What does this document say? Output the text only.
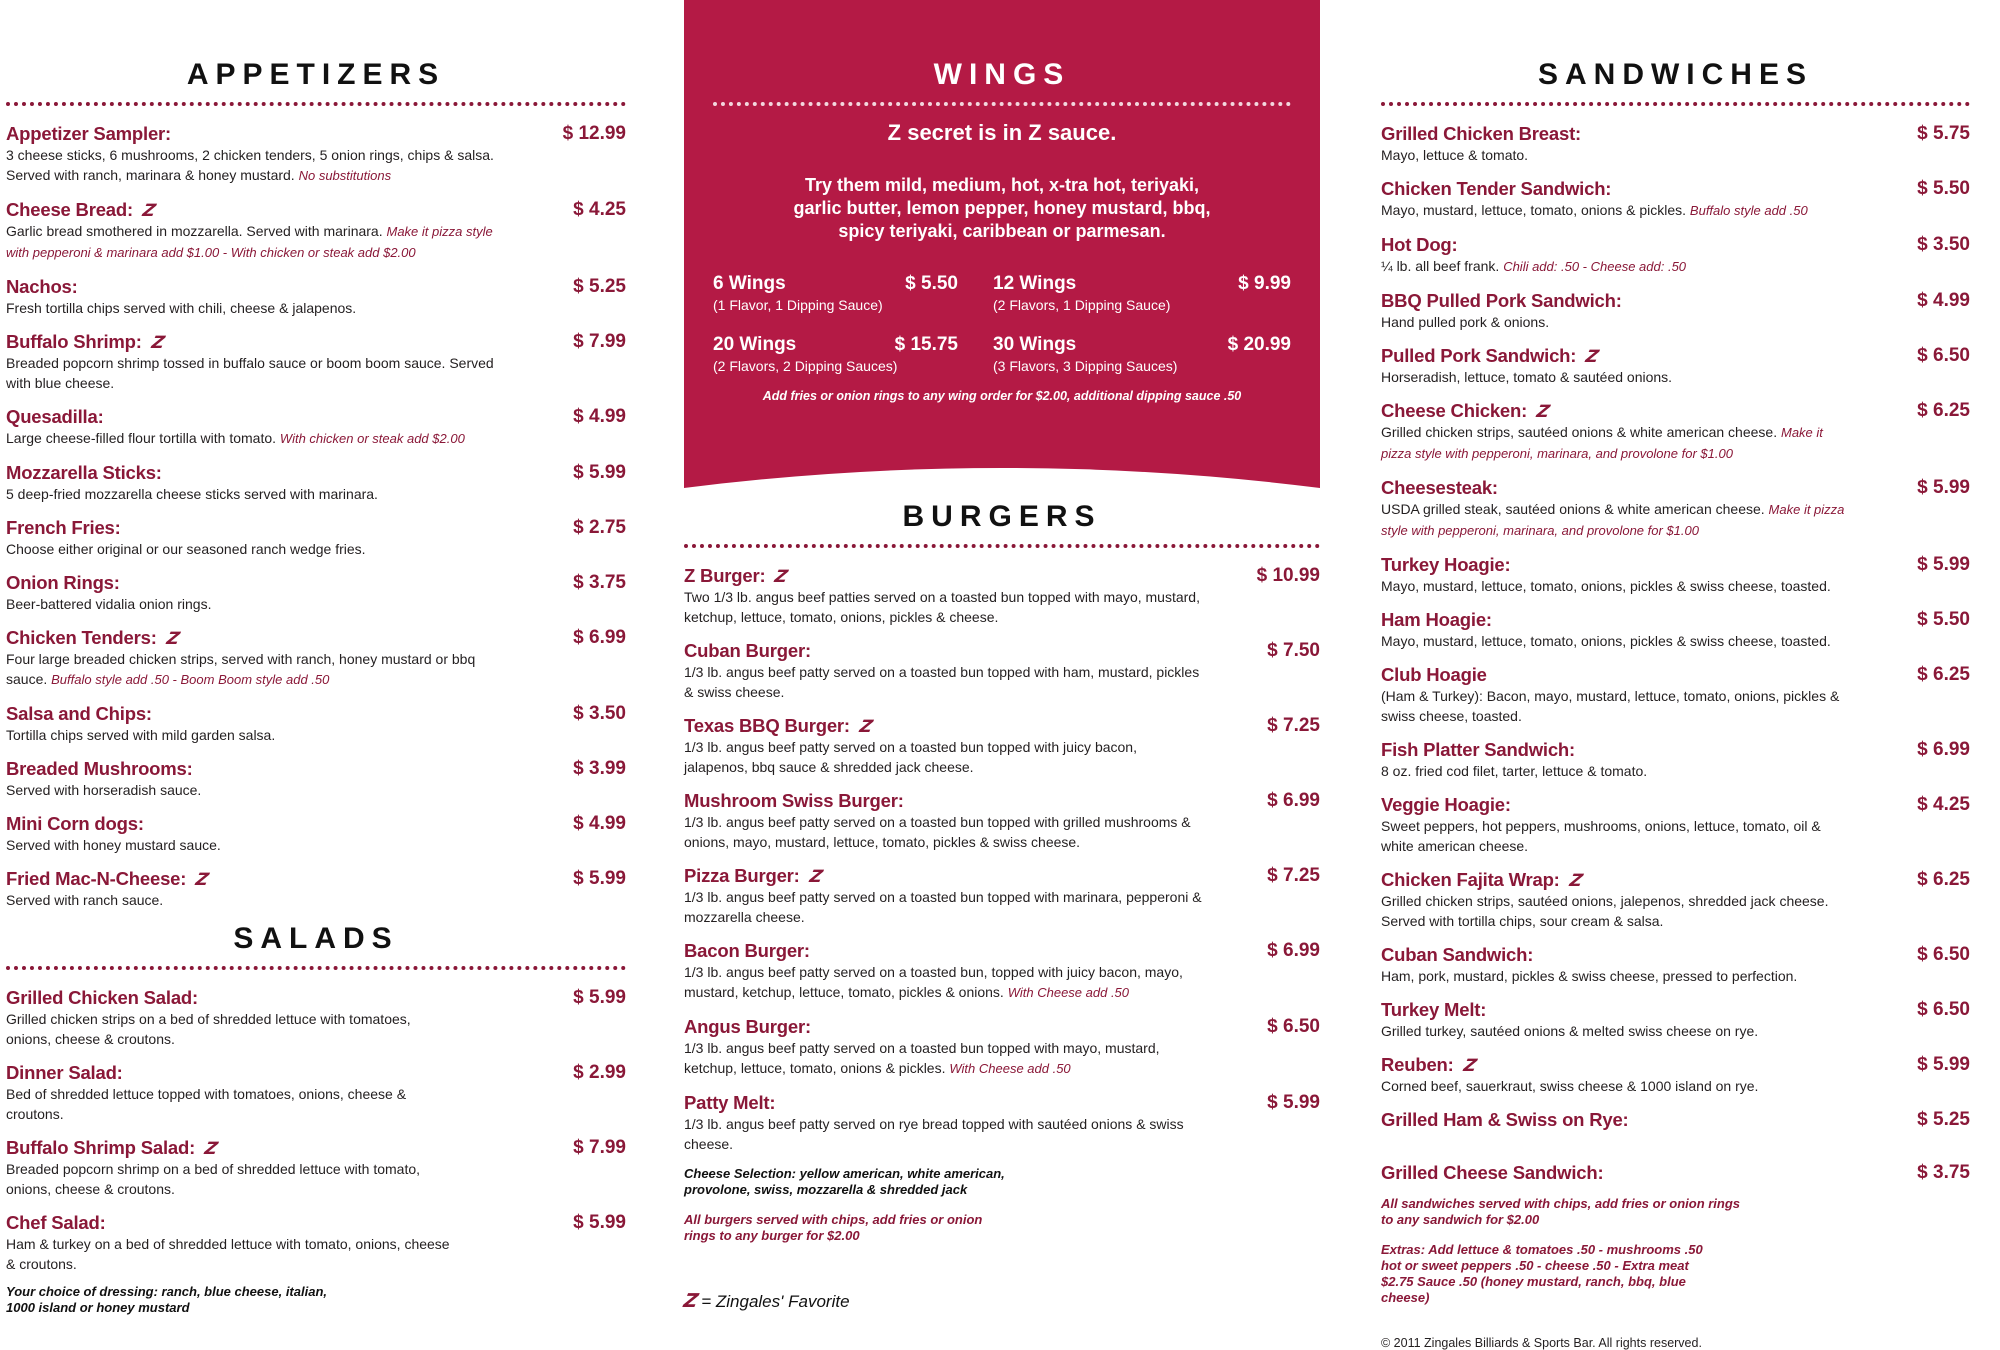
APPETIZERS
Appetizer Sampler:	$ 12.99
3 cheese sticks, 6 mushrooms, 2 chicken tenders, 5 onion rings, chips & salsa. Served with ranch, marinara & honey mustard. No substitutions
Cheese Bread: Z	$ 4.25
Garlic bread smothered in mozzarella. Served with marinara. Make it pizza style with pepperoni & marinara add $1.00 - With chicken or steak add $2.00
Nachos:	$ 5.25
Fresh tortilla chips served with chili, cheese & jalapenos.
Buffalo Shrimp: Z	$ 7.99
Breaded popcorn shrimp tossed in buffalo sauce or boom boom sauce. Served with blue cheese.
Quesadilla:	$ 4.99
Large cheese-filled flour tortilla with tomato. With chicken or steak add $2.00
Mozzarella Sticks:	$ 5.99
5 deep-fried mozzarella cheese sticks served with marinara.
French Fries:	$ 2.75
Choose either original or our seasoned ranch wedge fries.
Onion Rings:	$ 3.75
Beer-battered vidalia onion rings.
Chicken Tenders: Z	$ 6.99
Four large breaded chicken strips, served with ranch, honey mustard or bbq sauce. Buffalo style add .50 - Boom Boom style add .50
Salsa and Chips:	$ 3.50
Tortilla chips served with mild garden salsa.
Breaded Mushrooms:	$ 3.99
Served with horseradish sauce.
Mini Corn dogs:	$ 4.99
Served with honey mustard sauce.
Fried Mac-N-Cheese: Z	$ 5.99
Served with ranch sauce.
SALADS
Grilled Chicken Salad:	$ 5.99
Grilled chicken strips on a bed of shredded lettuce with tomatoes, onions, cheese & croutons.
Dinner Salad:	$ 2.99
Bed of shredded lettuce topped with tomatoes, onions, cheese & croutons.
Buffalo Shrimp Salad: Z	$ 7.99
Breaded popcorn shrimp on a bed of shredded lettuce with tomato, onions, cheese & croutons.
Chef Salad:	$ 5.99
Ham & turkey on a bed of shredded lettuce with tomato, onions, cheese & croutons.
Your choice of dressing: ranch, blue cheese, italian, 1000 island or honey mustard
WINGS
Z secret is in Z sauce.
Try them mild, medium, hot, x-tra hot, teriyaki, garlic butter, lemon pepper, honey mustard, bbq, spicy teriyaki, caribbean or parmesan.
6 Wings	$ 5.50
(1 Flavor, 1 Dipping Sauce)
12 Wings	$ 9.99
(2 Flavors, 1 Dipping Sauce)
20 Wings	$ 15.75
(2 Flavors, 2 Dipping Sauces)
30 Wings	$ 20.99
(3 Flavors, 3 Dipping Sauces)
Add fries or onion rings to any wing order for $2.00, additional dipping sauce .50
BURGERS
Z Burger: Z	$ 10.99
Two 1/3 lb. angus beef patties served on a toasted bun topped with mayo, mustard, ketchup, lettuce, tomato, onions, pickles & cheese.
Cuban Burger:	$ 7.50
1/3 lb. angus beef patty served on a toasted bun topped with ham, mustard, pickles & swiss cheese.
Texas BBQ Burger: Z	$ 7.25
1/3 lb. angus beef patty served on a toasted bun topped with juicy bacon, jalapenos, bbq sauce & shredded jack cheese.
Mushroom Swiss Burger:	$ 6.99
1/3 lb. angus beef patty served on a toasted bun topped with grilled mushrooms & onions, mayo, mustard, lettuce, tomato, pickles & swiss cheese.
Pizza Burger: Z	$ 7.25
1/3 lb. angus beef patty served on a toasted bun topped with marinara, pepperoni & mozzarella cheese.
Bacon Burger:	$ 6.99
1/3 lb. angus beef patty served on a toasted bun, topped with juicy bacon, mayo, mustard, ketchup, lettuce, tomato, pickles & onions. With Cheese add .50
Angus Burger:	$ 6.50
1/3 lb. angus beef patty served on a toasted bun topped with mayo, mustard, ketchup, lettuce, tomato, onions & pickles. With Cheese add .50
Patty Melt:	$ 5.99
1/3 lb. angus beef patty served on rye bread topped with sautéed onions & swiss cheese.
Cheese Selection: yellow american, white american, provolone, swiss, mozzarella & shredded jack
All burgers served with chips, add fries or onion rings to any burger for $2.00
Z = Zingales' Favorite
SANDWICHES
Grilled Chicken Breast:	$ 5.75
Mayo, lettuce & tomato.
Chicken Tender Sandwich:	$ 5.50
Mayo, mustard, lettuce, tomato, onions & pickles. Buffalo style add .50
Hot Dog:	$ 3.50
¼ lb. all beef frank. Chili add: .50 - Cheese add: .50
BBQ Pulled Pork Sandwich:	$ 4.99
Hand pulled pork & onions.
Pulled Pork Sandwich: Z	$ 6.50
Horseradish, lettuce, tomato & sautéed onions.
Cheese Chicken: Z	$ 6.25
Grilled chicken strips, sautéed onions & white american cheese. Make it pizza style with pepperoni, marinara, and provolone for $1.00
Cheesesteak:	$ 5.99
USDA grilled steak, sautéed onions & white american cheese. Make it pizza style with pepperoni, marinara, and provolone for $1.00
Turkey Hoagie:	$ 5.99
Mayo, mustard, lettuce, tomato, onions, pickles & swiss cheese, toasted.
Ham Hoagie:	$ 5.50
Mayo, mustard, lettuce, tomato, onions, pickles & swiss cheese, toasted.
Club Hoagie	$ 6.25
(Ham & Turkey): Bacon, mayo, mustard, lettuce, tomato, onions, pickles & swiss cheese, toasted.
Fish Platter Sandwich:	$ 6.99
8 oz. fried cod filet, tarter, lettuce & tomato.
Veggie Hoagie:	$ 4.25
Sweet peppers, hot peppers, mushrooms, onions, lettuce, tomato, oil & white american cheese.
Chicken Fajita Wrap: Z	$ 6.25
Grilled chicken strips, sautéed onions, jalepenos, shredded jack cheese. Served with tortilla chips, sour cream & salsa.
Cuban Sandwich:	$ 6.50
Ham, pork, mustard, pickles & swiss cheese, pressed to perfection.
Turkey Melt:	$ 6.50
Grilled turkey, sautéed onions & melted swiss cheese on rye.
Reuben: Z	$ 5.99
Corned beef, sauerkraut, swiss cheese & 1000 island on rye.
Grilled Ham & Swiss on Rye:	$ 5.25
Grilled Cheese Sandwich:	$ 3.75
All sandwiches served with chips, add fries or onion rings to any sandwich for $2.00
Extras: Add lettuce & tomatoes .50 - mushrooms .50 hot or sweet peppers .50 - cheese .50 - Extra meat $2.75 Sauce .50 (honey mustard, ranch, bbq, blue cheese)
© 2011 Zingales Billiards & Sports Bar. All rights reserved.
